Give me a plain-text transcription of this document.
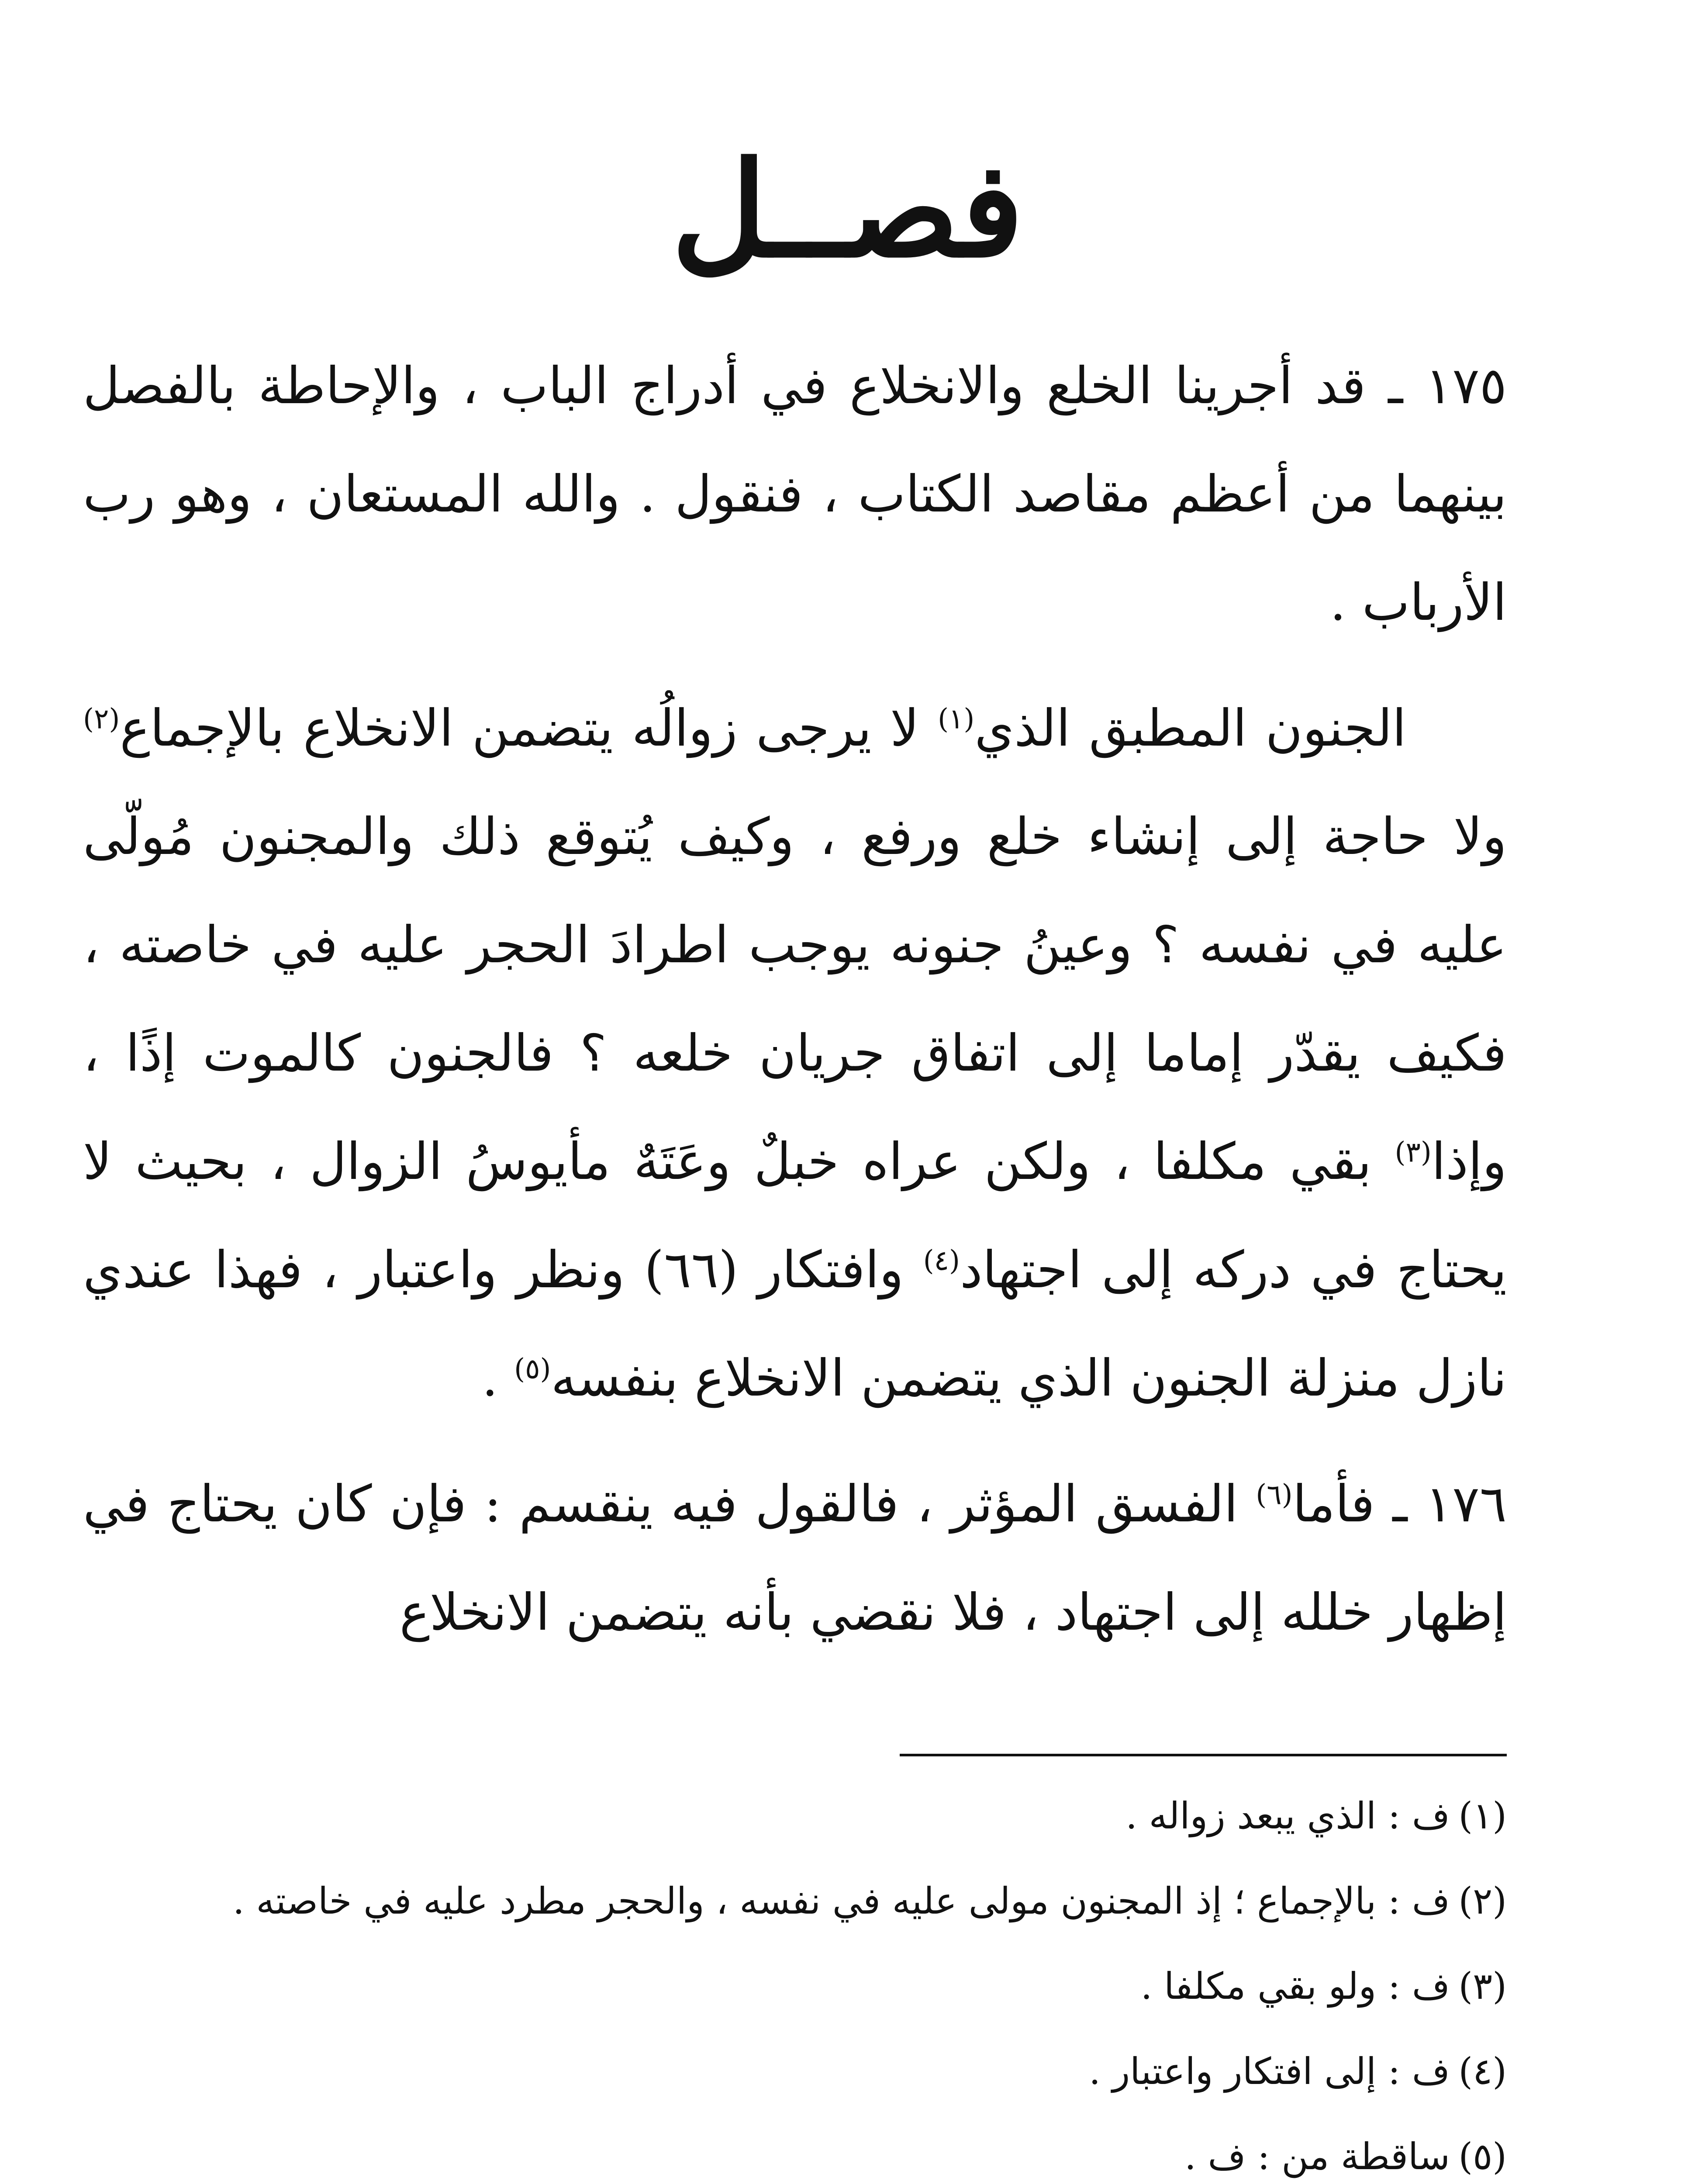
فصــل

١٧٥ ـ قد أجرينا الخلع والانخلاع في أدراج الباب ، والإحاطة بالفصل بينهما من أعظم مقاصد الكتاب ، فنقول . والله المستعان ، وهو رب الأرباب .

الجنون المطبق الذي$^{(١)}$ لا يرجى زوالُه يتضمن الانخلاع بالإجماع$^{(٢)}$ ولا حاجة إلى إنشاء خلع ورفع ، وكيف يُتوقع ذلك والمجنون مُولّى عليه في نفسه ؟ وعينُ جنونه يوجب اطرادَ الحجر عليه في خاصته ، فكيف يقدّر إماما إلى اتفاق جريان خلعه ؟ فالجنون كالموت إذًا ، وإذا$^{(٣)}$ بقي مكلفا ، ولكن عراه خبلٌ وعَتَهٌ مأيوسُ الزوال ، بحيث لا يحتاج في دركه إلى اجتهاد$^{(٤)}$ وافتكار (٦٦) ونظر واعتبار ، فهذا عندي نازل منزلة الجنون الذي يتضمن الانخلاع بنفسه$^{(٥)}$ .

١٧٦ ـ فأما$^{(٦)}$ الفسق المؤثر ، فالقول فيه ينقسم : فإن كان يحتاج في إظهار خلله إلى اجتهاد ، فلا نقضي بأنه يتضمن الانخلاع

(١)ف : الذي يبعد زواله .
(٢)ف : بالإجماع ؛ إذ المجنون مولى عليه في نفسه ، والحجر مطرد عليه في خاصته .
(٣)ف : ولو بقي مكلفا .
(٤)ف : إلى افتكار واعتبار .
(٥)ساقطة من : ف .
